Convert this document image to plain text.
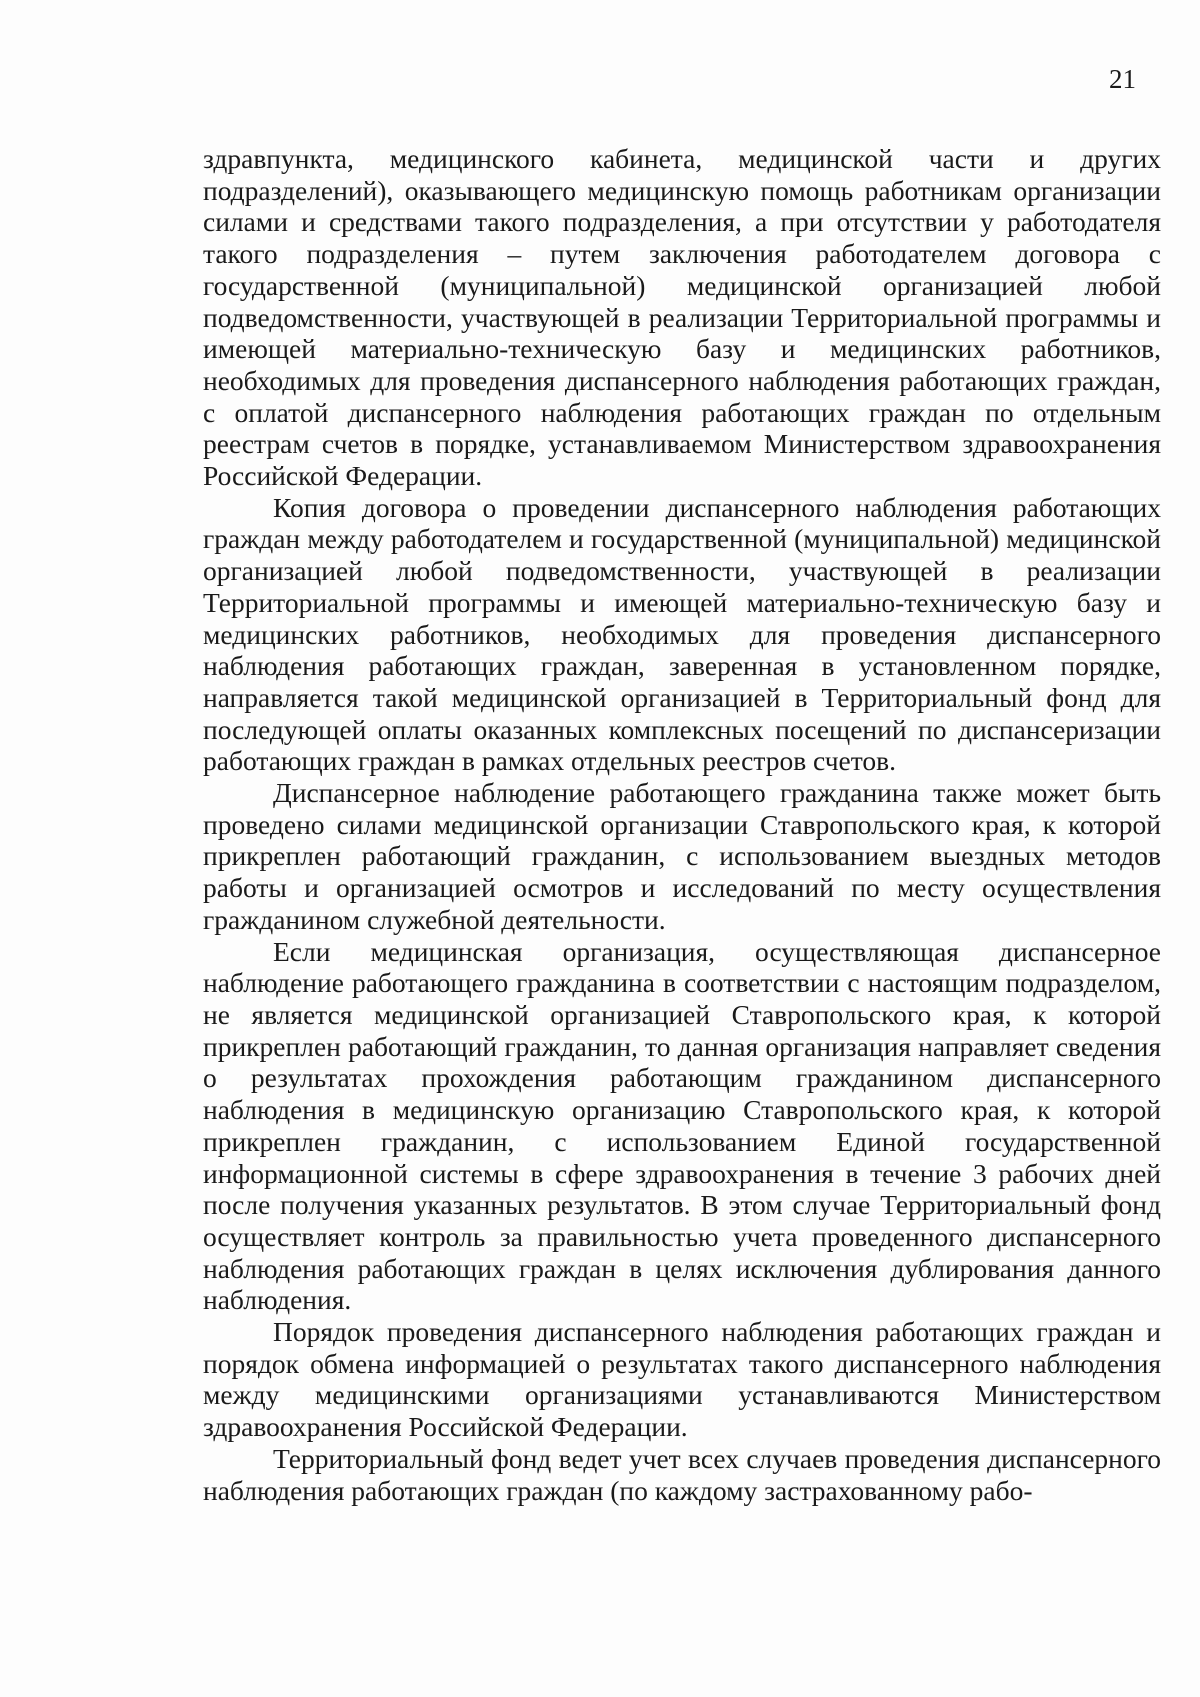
21

здравпункта, медицинского кабинета, медицинской части и других подразделений), оказывающего медицинскую помощь работникам организации силами и средствами такого подразделения, а при отсутствии у работодателя такого подразделения – путем заключения работодателем договора с государственной (муниципальной) медицинской организацией любой подведомственности, участвующей в реализации Территориальной программы и имеющей материально-техническую базу и медицинских работников, необходимых для проведения диспансерного наблюдения работающих граждан, с оплатой диспансерного наблюдения работающих граждан по отдельным реестрам счетов в порядке, устанавливаемом Министерством здравоохранения Российской Федерации.

Копия договора о проведении диспансерного наблюдения работающих граждан между работодателем и государственной (муниципальной) медицинской организацией любой подведомственности, участвующей в реализации Территориальной программы и имеющей материально-техническую базу и медицинских работников, необходимых для проведения диспансерного наблюдения работающих граждан, заверенная в установленном порядке, направляется такой медицинской организацией в Территориальный фонд для последующей оплаты оказанных комплексных посещений по диспансеризации работающих граждан в рамках отдельных реестров счетов.

Диспансерное наблюдение работающего гражданина также может быть проведено силами медицинской организации Ставропольского края, к которой прикреплен работающий гражданин, с использованием выездных методов работы и организацией осмотров и исследований по месту осуществления гражданином служебной деятельности.

Если медицинская организация, осуществляющая диспансерное наблюдение работающего гражданина в соответствии с настоящим подразделом, не является медицинской организацией Ставропольского края, к которой прикреплен работающий гражданин, то данная организация направляет сведения о результатах прохождения работающим гражданином диспансерного наблюдения в медицинскую организацию Ставропольского края, к которой прикреплен гражданин, с использованием Единой государственной информационной системы в сфере здравоохранения в течение 3 рабочих дней после получения указанных результатов. В этом случае Территориальный фонд осуществляет контроль за правильностью учета проведенного диспансерного наблюдения работающих граждан в целях исключения дублирования данного наблюдения.

Порядок проведения диспансерного наблюдения работающих граждан и порядок обмена информацией о результатах такого диспансерного наблюдения между медицинскими организациями устанавливаются Министерством здравоохранения Российской Федерации.

Территориальный фонд ведет учет всех случаев проведения диспансерного наблюдения работающих граждан (по каждому застрахованному рабо-
